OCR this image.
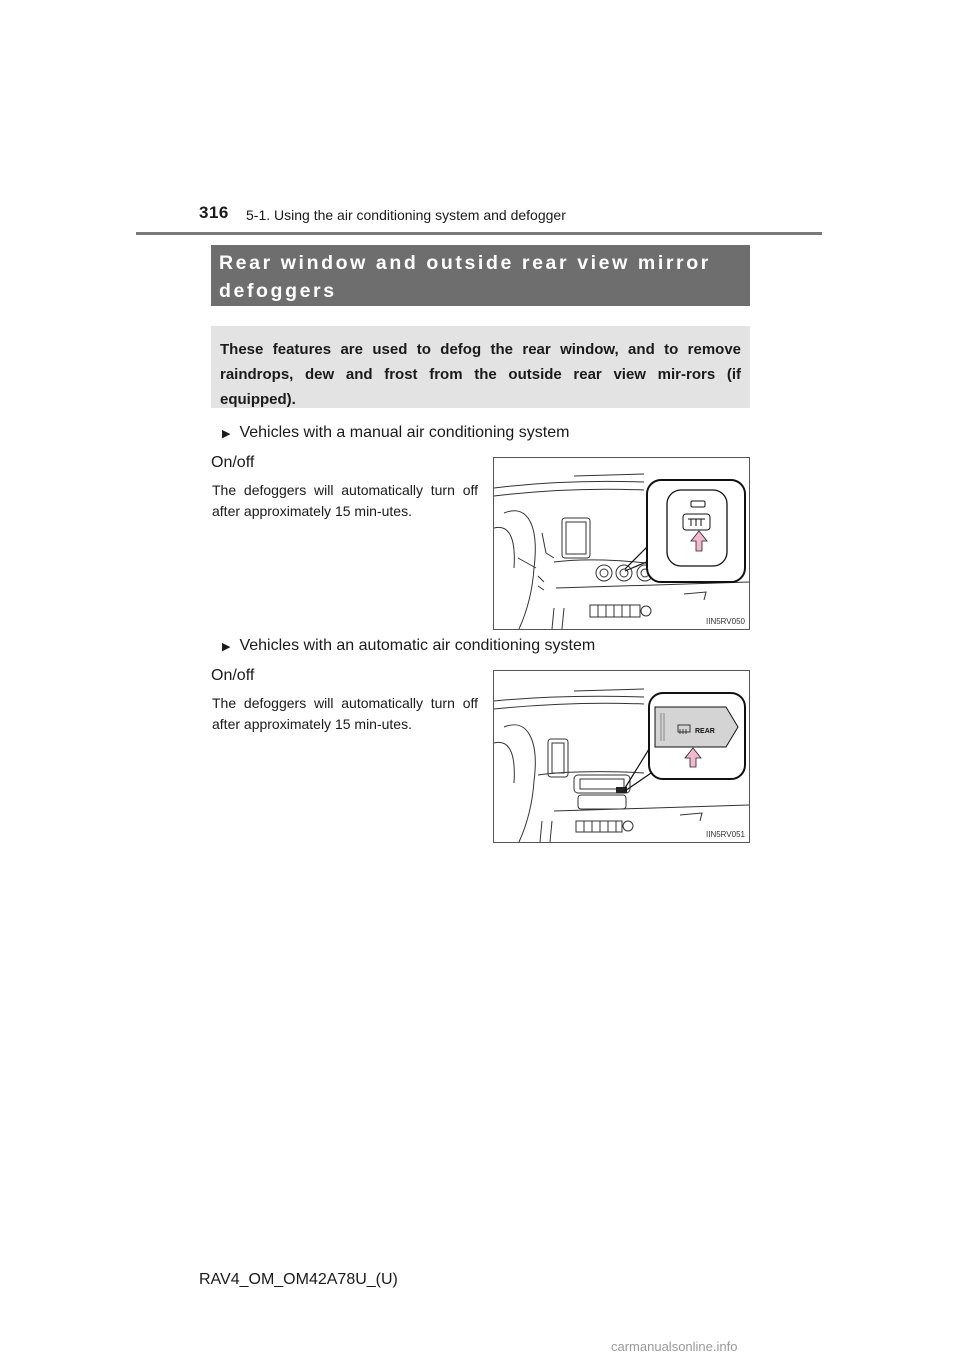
316 5-1. Using the air conditioning system and defogger
Rear window and outside rear view mirror
defoggers
These features are used to defog the rear window, and to remove raindrops, dew and frost from the outside rear view mir-rors (if equipped).
▶ Vehicles with a manual air conditioning system
On/off
The defoggers will automatically turn off after approximately 15 min-utes.
IIN5RV050
▶ Vehicles with an automatic air conditioning system
On/off
The defoggers will automatically turn off after approximately 15 min-utes.	REAR
IIN5RV051
RAV4_OM_OM42A78U_(U)
carmanualsonline.info
